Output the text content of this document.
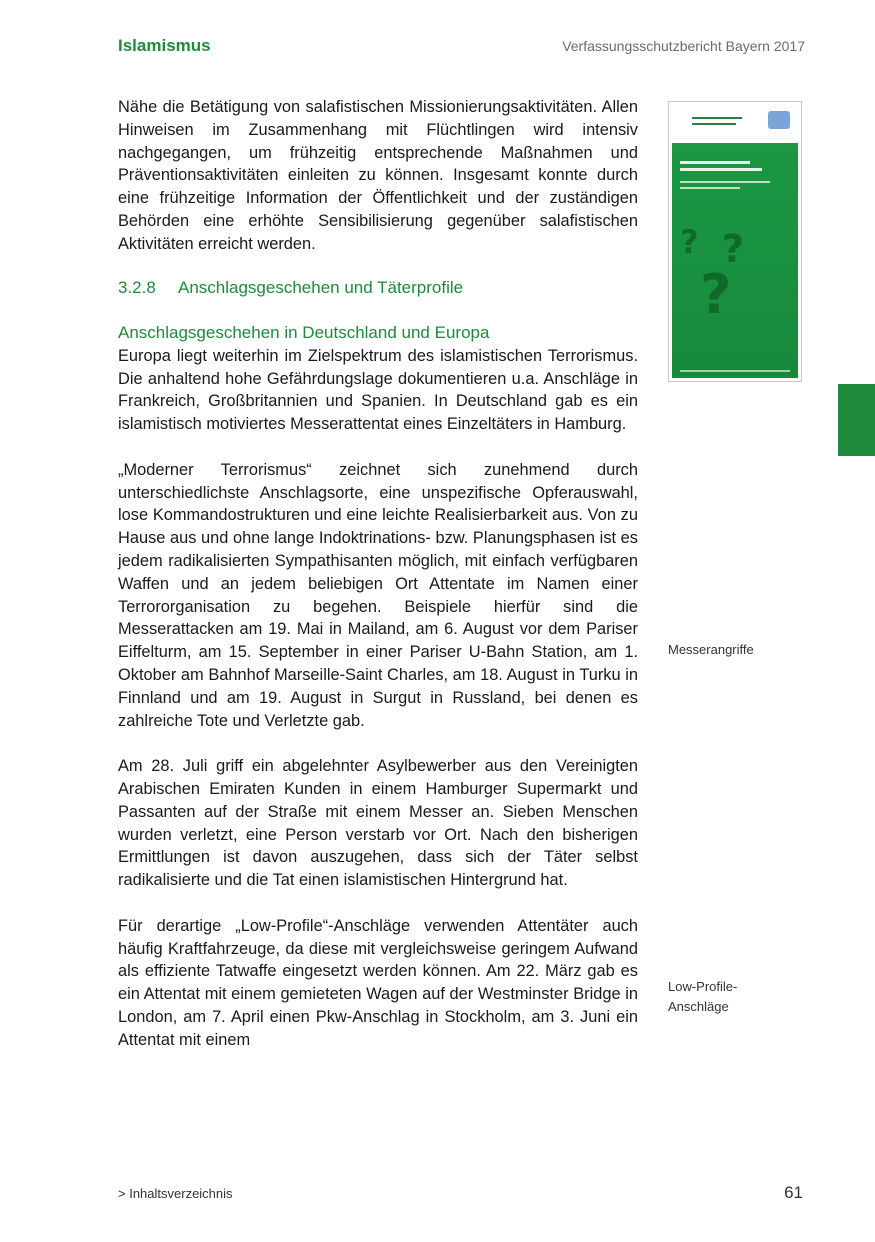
Islamismus	Verfassungsschutzbericht Bayern 2017

Nähe die Betätigung von salafistischen Missionierungsaktivitäten. Allen Hinweisen im Zusammenhang mit Flüchtlingen wird intensiv nachgegangen, um frühzeitig entsprechende Maßnahmen und Präventionsaktivitäten einleiten zu können. Insgesamt konnte durch eine frühzeitige Information der Öffentlichkeit und der zuständigen Behörden eine erhöhte Sensibilisierung gegenüber salafistischen Aktivitäten erreicht werden.

3.2.8 Anschlagsgeschehen und Täterprofile
Anschlagsgeschehen in Deutschland und Europa

Europa liegt weiterhin im Zielspektrum des islamistischen Terrorismus. Die anhaltend hohe Gefährdungslage dokumentieren u.a. Anschläge in Frankreich, Großbritannien und Spanien. In Deutschland gab es ein islamistisch motiviertes Messerattentat eines Einzeltäters in Hamburg.

„Moderner Terrorismus“ zeichnet sich zunehmend durch unterschiedlichste Anschlagsorte, eine unspezifische Opferauswahl, lose Kommandostrukturen und eine leichte Realisierbarkeit aus. Von zu Hause aus und ohne lange Indoktrinations- bzw. Planungsphasen ist es jedem radikalisierten Sympathisanten möglich, mit einfach verfügbaren Waffen und an jedem beliebigen Ort Attentate im Namen einer Terrororganisation zu begehen. Beispiele hierfür sind die Messerattacken am 19. Mai in Mailand, am 6. August vor dem Pariser Eiffelturm, am 15. September in einer Pariser U-Bahn Station, am 1. Oktober am Bahnhof Marseille-Saint Charles, am 18. August in Turku in Finnland und am 19. August in Surgut in Russland, bei denen es zahlreiche Tote und Verletzte gab.

Am 28. Juli griff ein abgelehnter Asylbewerber aus den Vereinigten Arabischen Emiraten Kunden in einem Hamburger Supermarkt und Passanten auf der Straße mit einem Messer an. Sieben Menschen wurden verletzt, eine Person verstarb vor Ort. Nach den bisherigen Ermittlungen ist davon auszugehen, dass sich der Täter selbst radikalisierte und die Tat einen islamistischen Hintergrund hat.

Für derartige „Low-Profile“-Anschläge verwenden Attentäter auch häufig Kraftfahrzeuge, da diese mit vergleichsweise geringem Aufwand als effiziente Tatwaffe eingesetzt werden können. Am 22. März gab es ein Attentat mit einem gemieteten Wagen auf der Westminster Bridge in London, am 7. April einen Pkw-Anschlag in Stockholm, am 3. Juni ein Attentat mit einem

? ?
?
Messerangriffe
Low-Profile-
Anschläge
> Inhaltsverzeichnis	61
